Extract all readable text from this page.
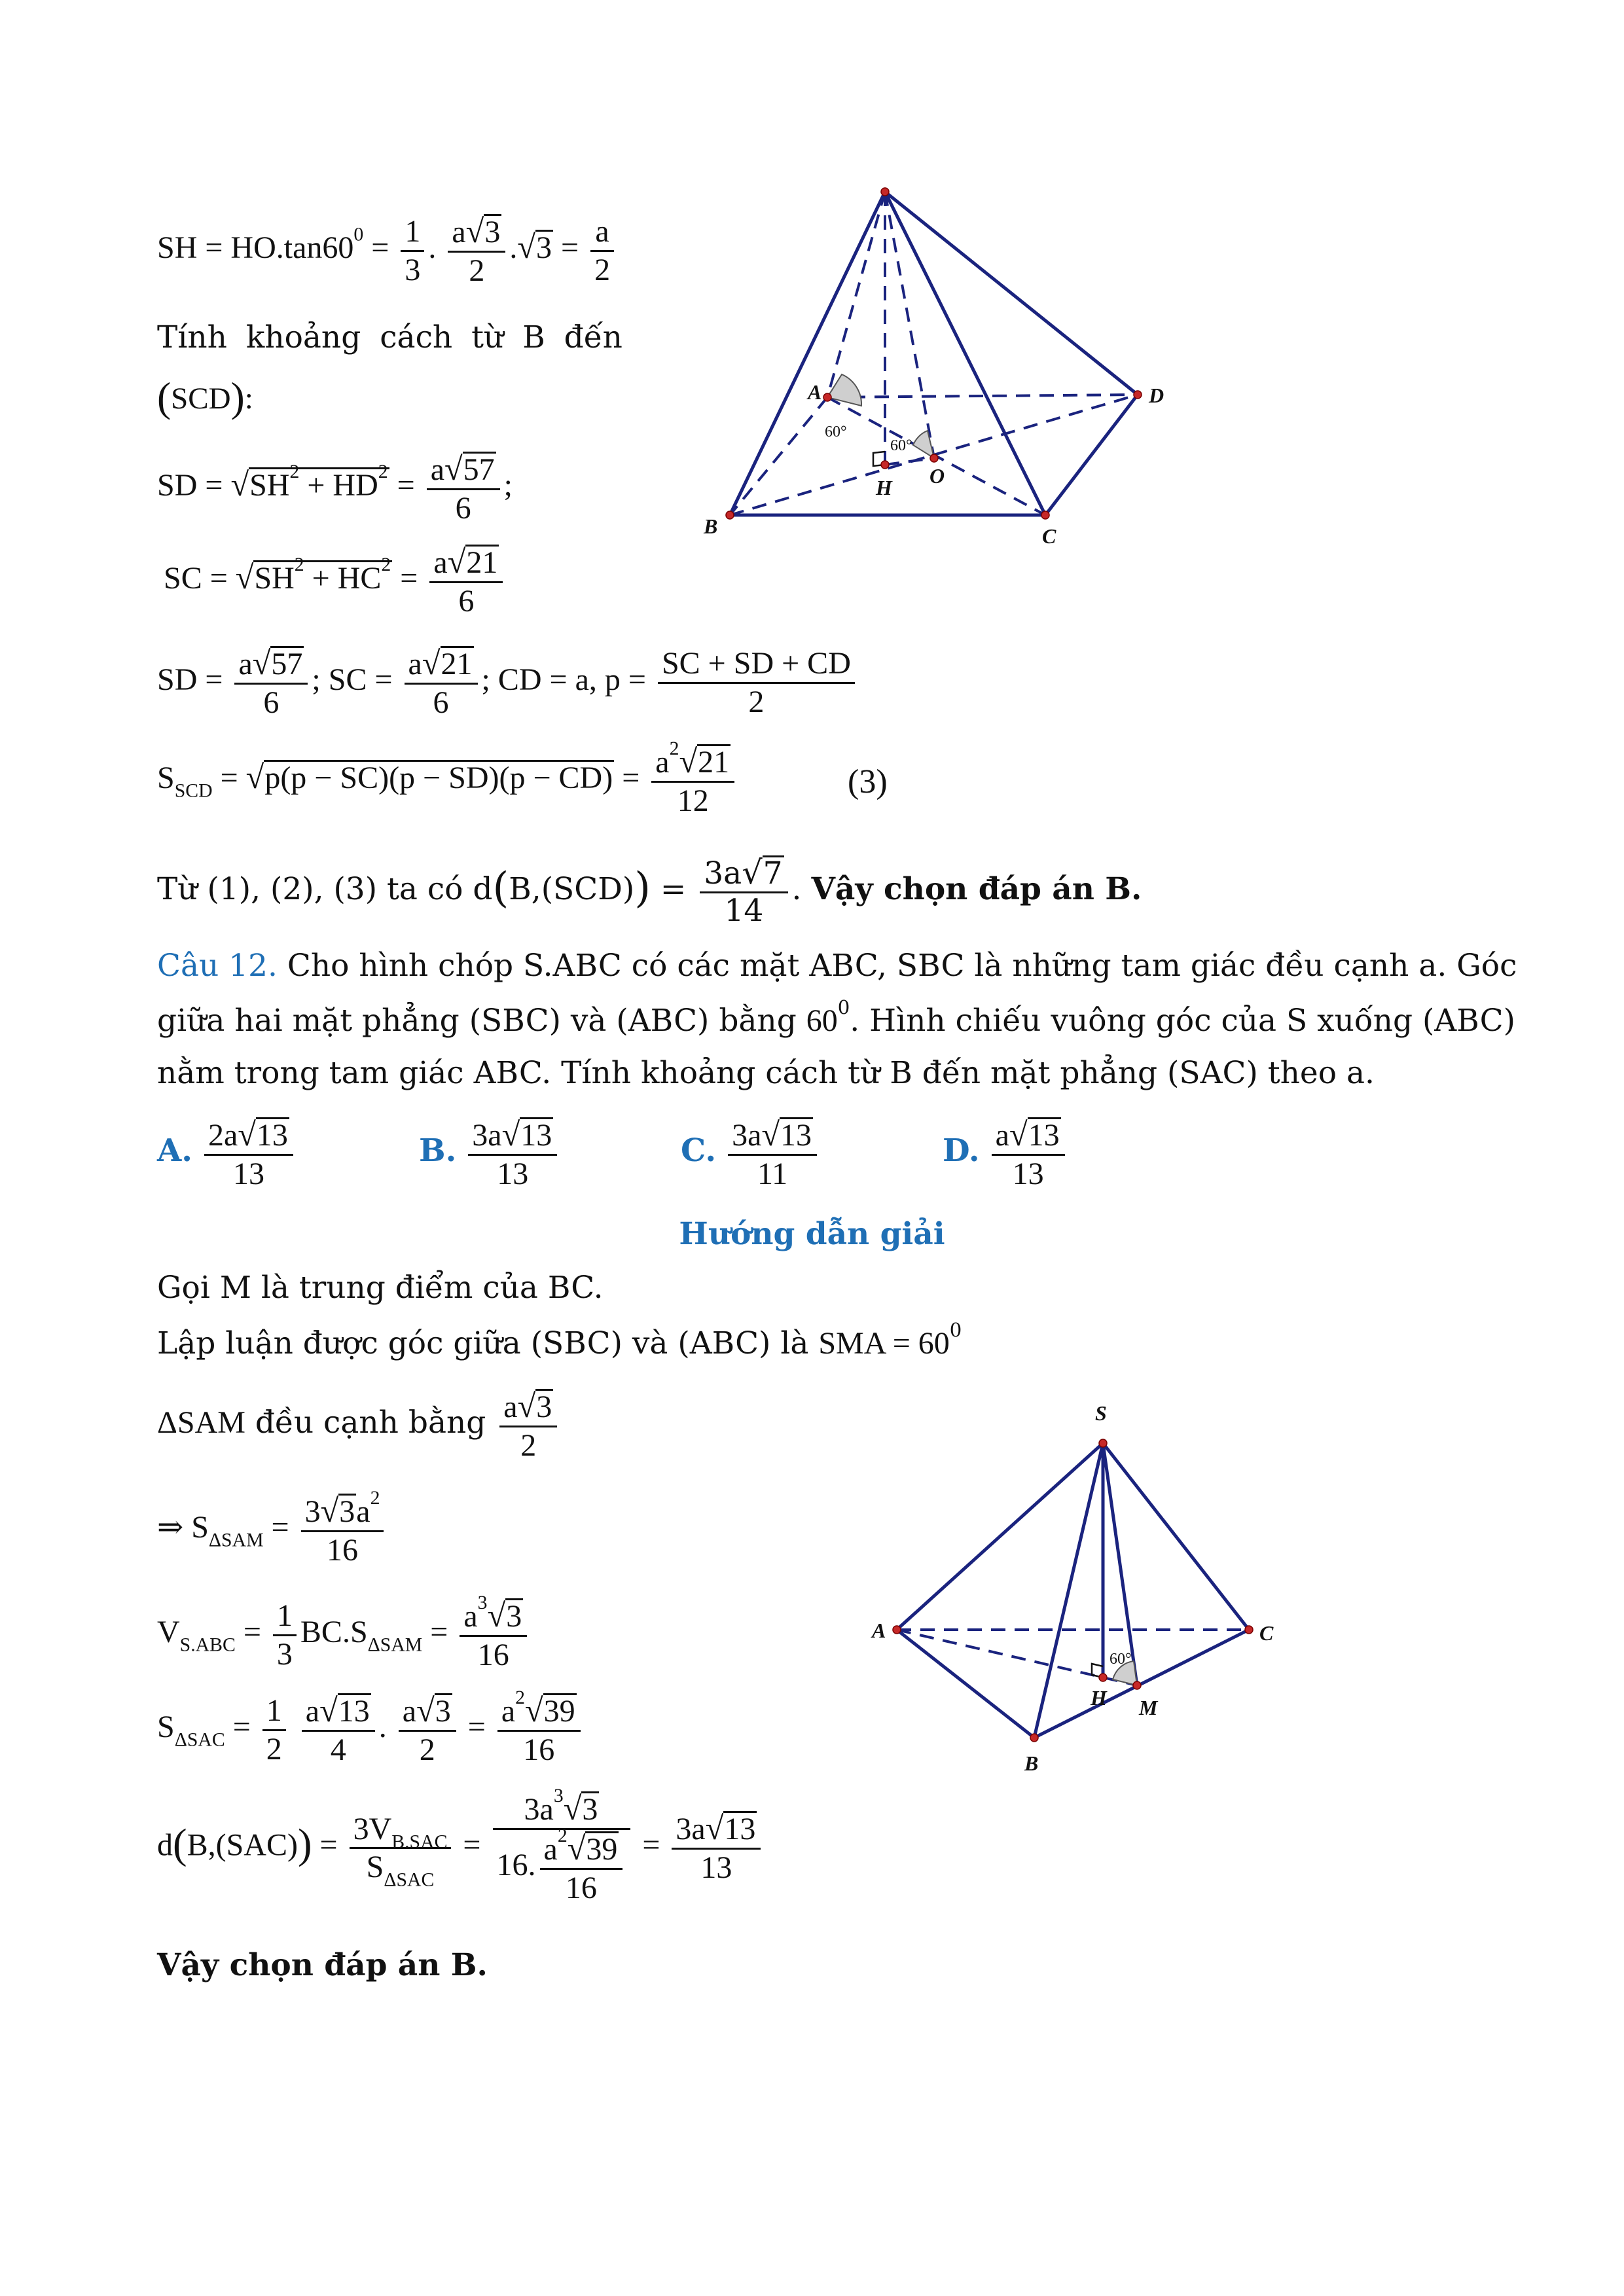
SH = $HO.\tan 60^0 = \frac{1}{3}$ . $\frac{a√3}{2} .√3 = \frac{a}{2}$
Tính khoảng cách từ B đến
(SCD):
SD = $√SH^2 + HD^2 = \frac{a√57}{6}$ ;
SC = $√SH^2 + HC^2 = \frac{a√21}{6}$
SD = $\frac{a√57}{6}$ ; SC = $\frac{a√21}{6}$ ; CD = a, $p = \frac{SC + SD + CD}{2}$
$S_{SCD} = √p(p - SC)(p - SD)(p - CD) = \frac{a^2√21}{12}$	(3)
Từ (1), (2), (3) ta có $d(B,(SCD)) = \frac{3a√7}{14}$ . Vậy chọn đáp án B.
A
B	C
D
H O
60°
60°
Câu 12. Cho hình chóp S.ABC có các mặt ABC, SBC là những tam giác đều cạnh a. Góc
giữa hai mặt phẳng (SBC) và (ABC) bằng $60^0$. Hình chiếu vuông góc của S xuống (ABC)
nằm trong tam giác ABC. Tính khoảng cách từ B đến mặt phẳng (SAC) theo a.
A. $\frac{2a√13}{13}$	B. $\frac{3a√13}{13}$	C. $\frac{3a√13}{11}$	D. $\frac{a√13}{13}$
Hướng dẫn giải
Gọi M là trung điểm của BC.
Lập luận được góc giữa (SBC) và (ABC) là SMA = $60^0$
ΔSAM đều cạnh bằng $\frac{a√3}{2}$
⇒ $S_{\Delta SAM} = \frac{3√3a^2}{16}$
$V_{S.ABC} = \frac{1}{3} BC.S_{\Delta SAM} = \frac{a^3√3}{16}$
$S_{\Delta SAC} = \frac{1}{2}$
$\frac{a√13}{4}$ . $\frac{a√3}{2} = \frac{a^2√39}{16}$
$d(B,(SAC)) = \frac{3V_{B.SAC}}{S_{\Delta SAC}} = \frac{3a^3√3}{16. \frac{a^2√39}{16}} = \frac{3a√13}{13}$
Vậy chọn đáp án B.
S
A
B
C
H M
60°
